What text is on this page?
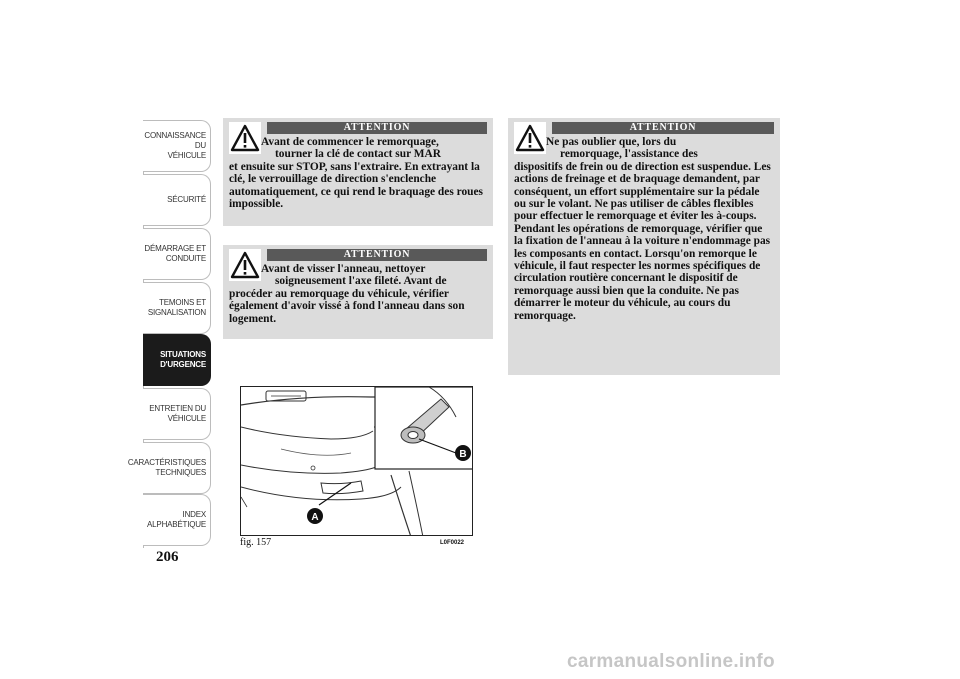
CONNAISSANCE DU
VÉHICULE
SÉCURITÉ
DÉMARRAGE ET
CONDUITE
TEMOINS ET
SIGNALISATION
SITUATIONS
D'URGENCE
ENTRETIEN DU
VÉHICULE
CARACTÉRISTIQUES
TECHNIQUES
INDEX
ALPHABÉTIQUE
206
ATTENTION
Avant de commencer le remorquage,
tourner la clé de contact sur MAR
et ensuite sur STOP, sans l'extraire. En extrayant la clé, le verrouillage de direction s'enclenche automatiquement, ce qui rend le braquage des roues impossible.
ATTENTION
Avant de visser l'anneau, nettoyer
soigneusement l'axe fileté. Avant de
procéder au remorquage du véhicule, vérifier également d'avoir vissé à fond l'anneau dans son logement.
ATTENTION
Ne pas oublier que, lors du
remorquage, l'assistance des
dispositifs de frein ou de direction est suspendue. Les actions de freinage et de braquage demandent, par conséquent, un effort supplémentaire sur la pédale ou sur le volant. Ne pas utiliser de câbles flexibles pour effectuer le remorquage et éviter les à-coups. Pendant les opérations de remorquage, vérifier que la fixation de l'anneau à la voiture n'endommage pas les composants en contact. Lorsqu'on remorque le véhicule, il faut respecter les normes spécifiques de circulation routière concernant le dispositif de remorquage aussi bien que la conduite. Ne pas démarrer le moteur du véhicule, au cours du remorquage.
B
A
fig. 157	L0F0022
carmanualsonline.info
